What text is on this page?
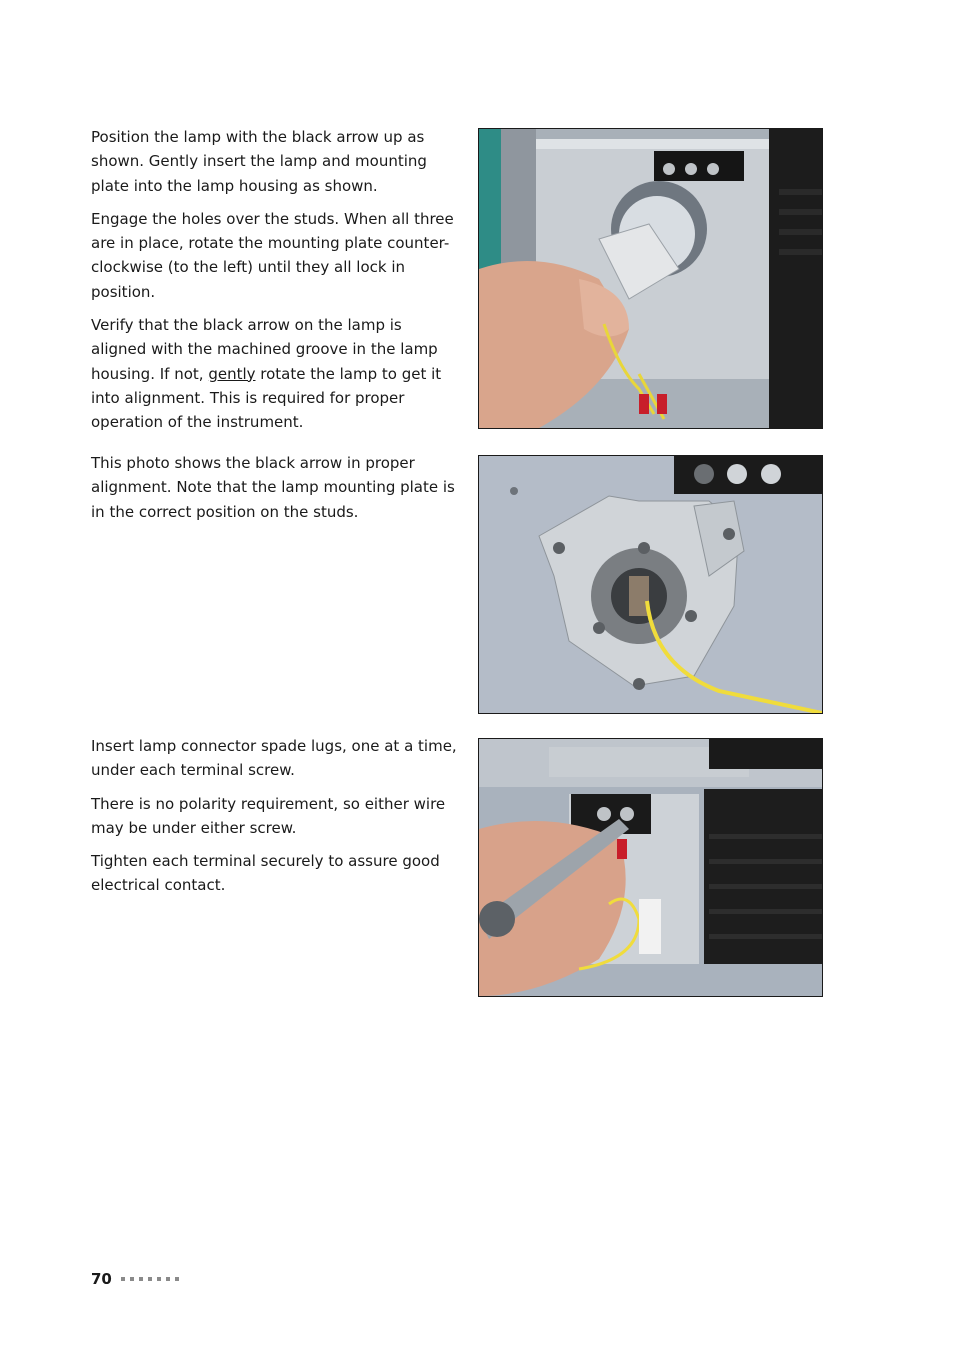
Position the lamp with the black arrow up as shown. Gently insert the lamp and mounting plate into the lamp housing as shown.

Engage the holes over the studs. When all three are in place, rotate the mounting plate counter-clockwise (to the left) until they all lock in position.

Verify that the black arrow on the lamp is aligned with the machined groove in the lamp housing. If not, gently rotate the lamp to get it into alignment. This is required for proper operation of the instrument.

This photo shows the black arrow in proper alignment. Note that the lamp mounting plate is in the correct position on the studs.

Insert lamp connector spade lugs, one at a time, under each terminal screw.

There is no polarity requirement, so either wire may be under either screw.

Tighten each terminal securely to assure good electrical contact.

70
